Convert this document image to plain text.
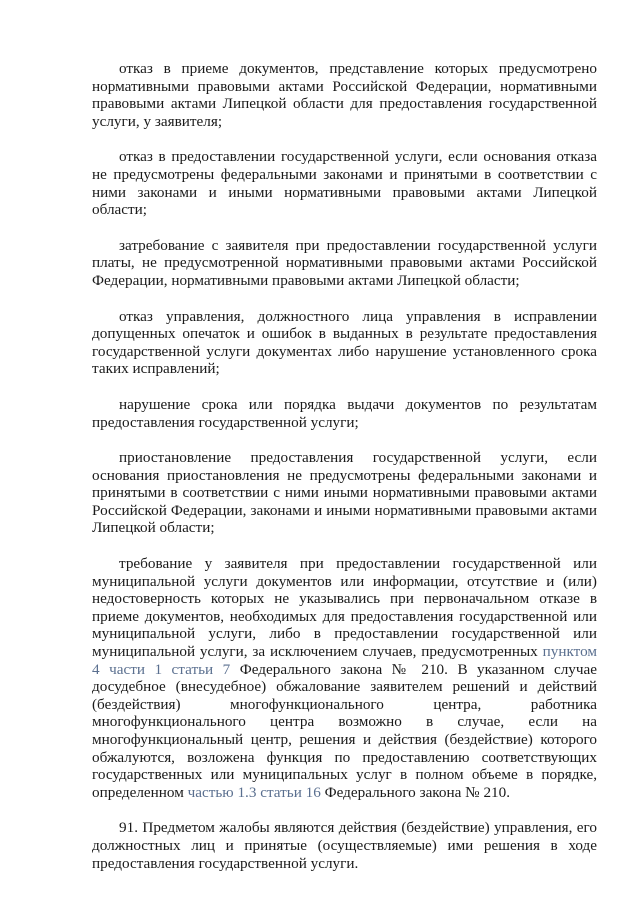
отказ в приеме документов, представление которых предусмотрено нормативными правовыми актами Российской Федерации, нормативными правовыми актами Липецкой области для предоставления государственной услуги, у заявителя;

отказ в предоставлении государственной услуги, если основания отказа не предусмотрены федеральными законами и принятыми в соответствии с ними законами и иными нормативными правовыми актами Липецкой области;

затребование с заявителя при предоставлении государственной услуги платы, не предусмотренной нормативными правовыми актами Российской Федерации, нормативными правовыми актами Липецкой области;

отказ управления, должностного лица управления в исправлении допущенных опечаток и ошибок в выданных в результате предоставления государственной услуги документах либо нарушение установленного срока таких исправлений;

нарушение срока или порядка выдачи документов по результатам предоставления государственной услуги;

приостановление предоставления государственной услуги, если основания приостановления не предусмотрены федеральными законами и принятыми в соответствии с ними иными нормативными правовыми актами Российской Федерации, законами и иными нормативными правовыми актами Липецкой области;

требование у заявителя при предоставлении государственной или муниципальной услуги документов или информации, отсутствие и (или) недостоверность которых не указывались при первоначальном отказе в приеме документов, необходимых для предоставления государственной или муниципальной услуги, либо в предоставлении государственной или муниципальной услуги, за исключением случаев, предусмотренных пунктом 4 части 1 статьи 7 Федерального закона № 210. В указанном случае досудебное (внесудебное) обжалование заявителем решений и действий (бездействия) многофункционального центра, работника многофункционального центра возможно в случае, если на многофункциональный центр, решения и действия (бездействие) которого обжалуются, возложена функция по предоставлению соответствующих государственных или муниципальных услуг в полном объеме в порядке, определенном частью 1.3 статьи 16 Федерального закона № 210.

91. Предметом жалобы являются действия (бездействие) управления, его должностных лиц и принятые (осуществляемые) ими решения в ходе предоставления государственной услуги.
